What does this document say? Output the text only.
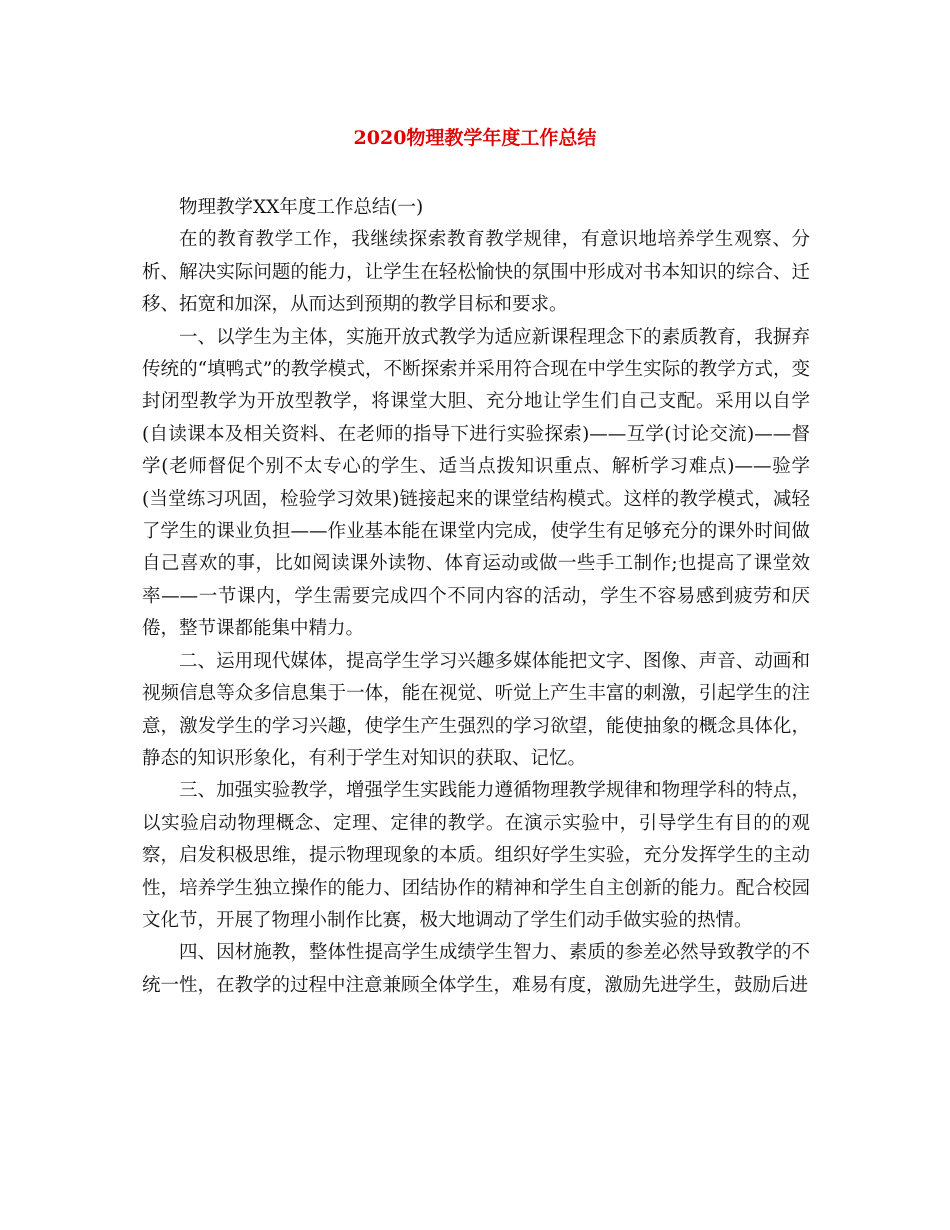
2020物理教学年度工作总结

物理教学XX年度工作总结(一)

在的教育教学工作，我继续探索教育教学规律，有意识地培养学生观察、分析、解决实际问题的能力，让学生在轻松愉快的氛围中形成对书本知识的综合、迁移、拓宽和加深，从而达到预期的教学目标和要求。

一、以学生为主体，实施开放式教学为适应新课程理念下的素质教育，我摒弃传统的“填鸭式”的教学模式，不断探索并采用符合现在中学生实际的教学方式，变封闭型教学为开放型教学，将课堂大胆、充分地让学生们自己支配。采用以自学(自读课本及相关资料、在老师的指导下进行实验探索)——互学(讨论交流)——督学(老师督促个别不太专心的学生、适当点拨知识重点、解析学习难点)——验学(当堂练习巩固，检验学习效果)链接起来的课堂结构模式。这样的教学模式，减轻了学生的课业负担——作业基本能在课堂内完成，使学生有足够充分的课外时间做自己喜欢的事，比如阅读课外读物、体育运动或做一些手工制作;也提高了课堂效率——一节课内，学生需要完成四个不同内容的活动，学生不容易感到疲劳和厌倦，整节课都能集中精力。

二、运用现代媒体，提高学生学习兴趣多媒体能把文字、图像、声音、动画和视频信息等众多信息集于一体，能在视觉、听觉上产生丰富的刺激，引起学生的注意，激发学生的学习兴趣，使学生产生强烈的学习欲望，能使抽象的概念具体化，静态的知识形象化，有利于学生对知识的获取、记忆。

三、加强实验教学，增强学生实践能力遵循物理教学规律和物理学科的特点，以实验启动物理概念、定理、定律的教学。在演示实验中，引导学生有目的的观察，启发积极思维，提示物理现象的本质。组织好学生实验，充分发挥学生的主动性，培养学生独立操作的能力、团结协作的精神和学生自主创新的能力。配合校园文化节，开展了物理小制作比赛，极大地调动了学生们动手做实验的热情。

四、因材施教，整体性提高学生成绩学生智力、素质的参差必然导致教学的不统一性，在教学的过程中注意兼顾全体学生，难易有度，激励先进学生，鼓励后进
